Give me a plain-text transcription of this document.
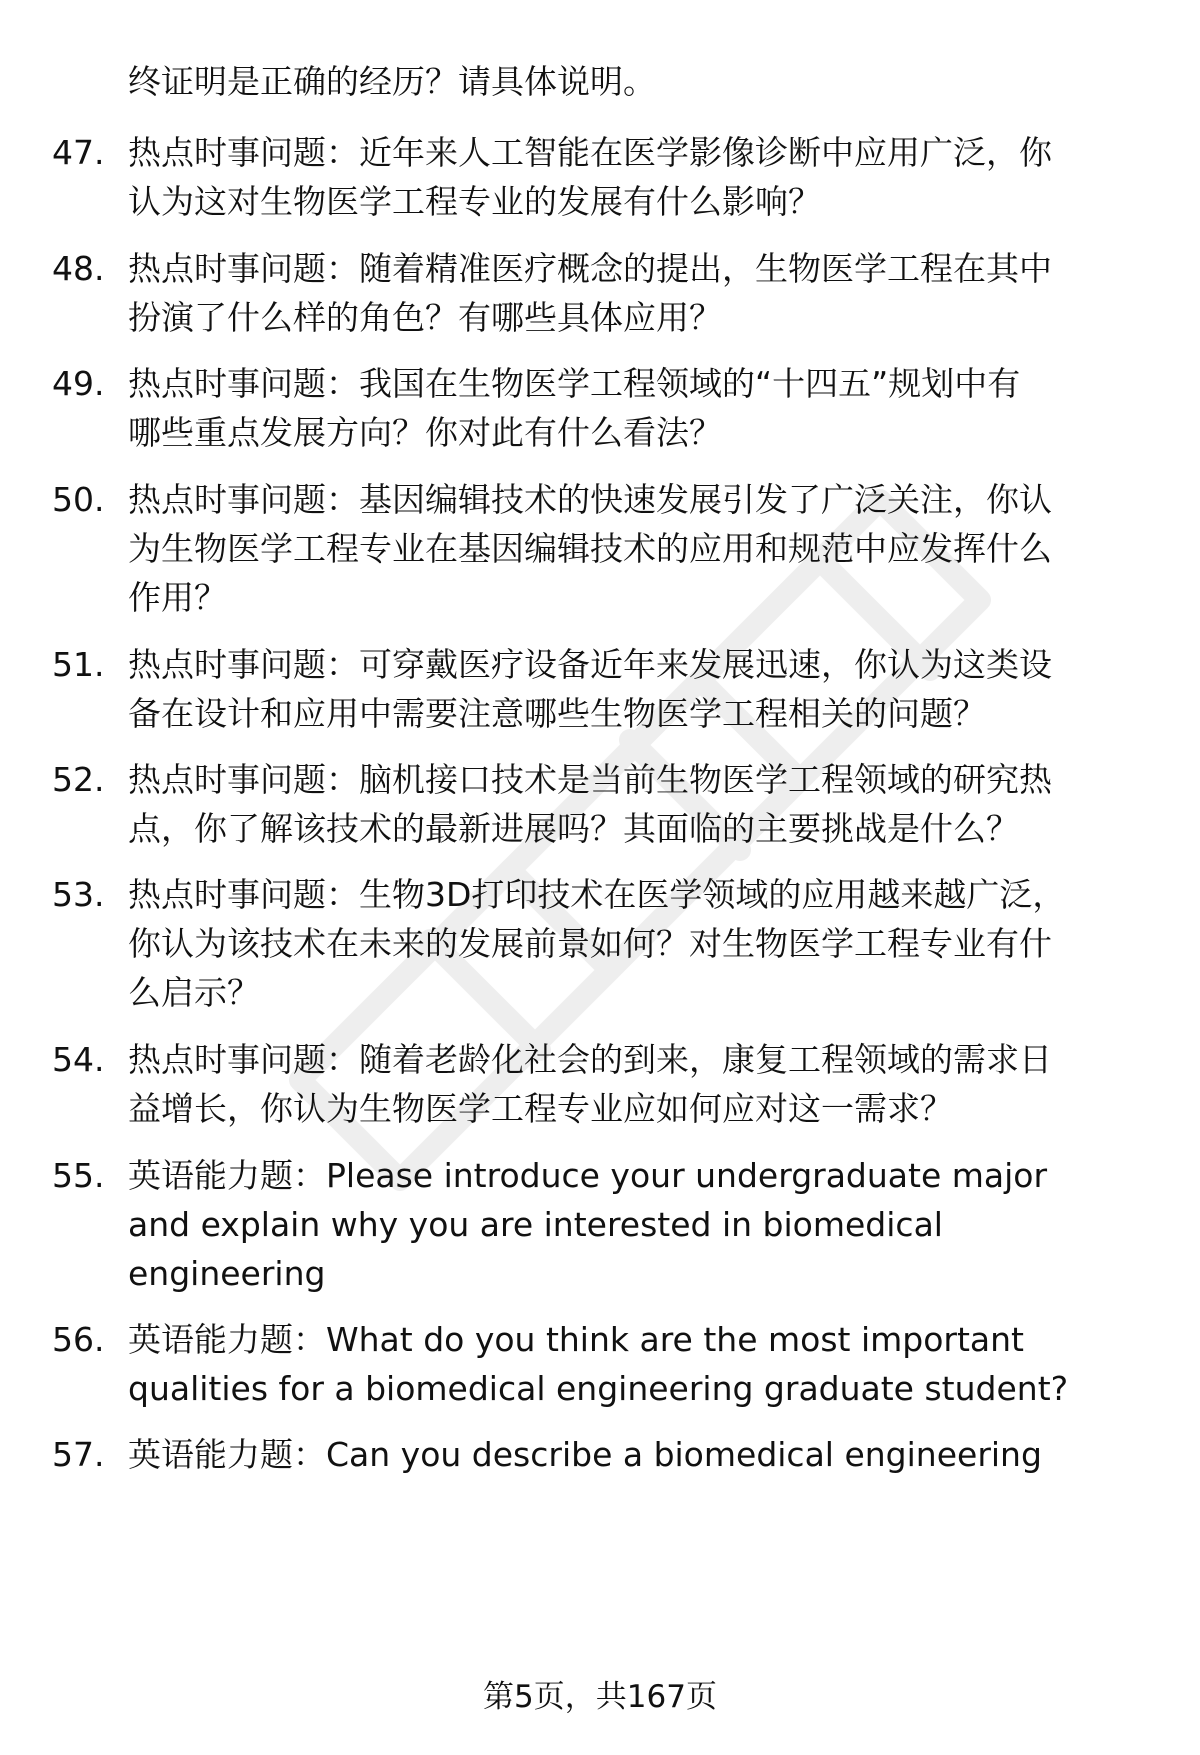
终证明是正确的经历？请具体说明。
47. 热点时事问题：近年来人工智能在医学影像诊断中应用广泛，你
认为这对生物医学工程专业的发展有什么影响？
48. 热点时事问题：随着精准医疗概念的提出，生物医学工程在其中
扮演了什么样的角色？有哪些具体应用？
49. 热点时事问题：我国在生物医学工程领域的“十四五”规划中有
哪些重点发展方向？你对此有什么看法？
50. 热点时事问题：基因编辑技术的快速发展引发了广泛关注，你认
为生物医学工程专业在基因编辑技术的应用和规范中应发挥什么
作用？
51. 热点时事问题：可穿戴医疗设备近年来发展迅速，你认为这类设
备在设计和应用中需要注意哪些生物医学工程相关的问题？
52. 热点时事问题：脑机接口技术是当前生物医学工程领域的研究热
点，你了解该技术的最新进展吗？其面临的主要挑战是什么？
53. 热点时事问题：生物3D打印技术在医学领域的应用越来越广泛，
你认为该技术在未来的发展前景如何？对生物医学工程专业有什
么启示？
54. 热点时事问题：随着老龄化社会的到来，康复工程领域的需求日
益增长，你认为生物医学工程专业应如何应对这一需求？
55. 英语能力题：Please introduce your undergraduate major
and explain why you are interested in biomedical
engineering
56. 英语能力题：What do you think are the most important
qualities for a biomedical engineering graduate student?
57. 英语能力题：Can you describe a biomedical engineering
第5页，共167页
